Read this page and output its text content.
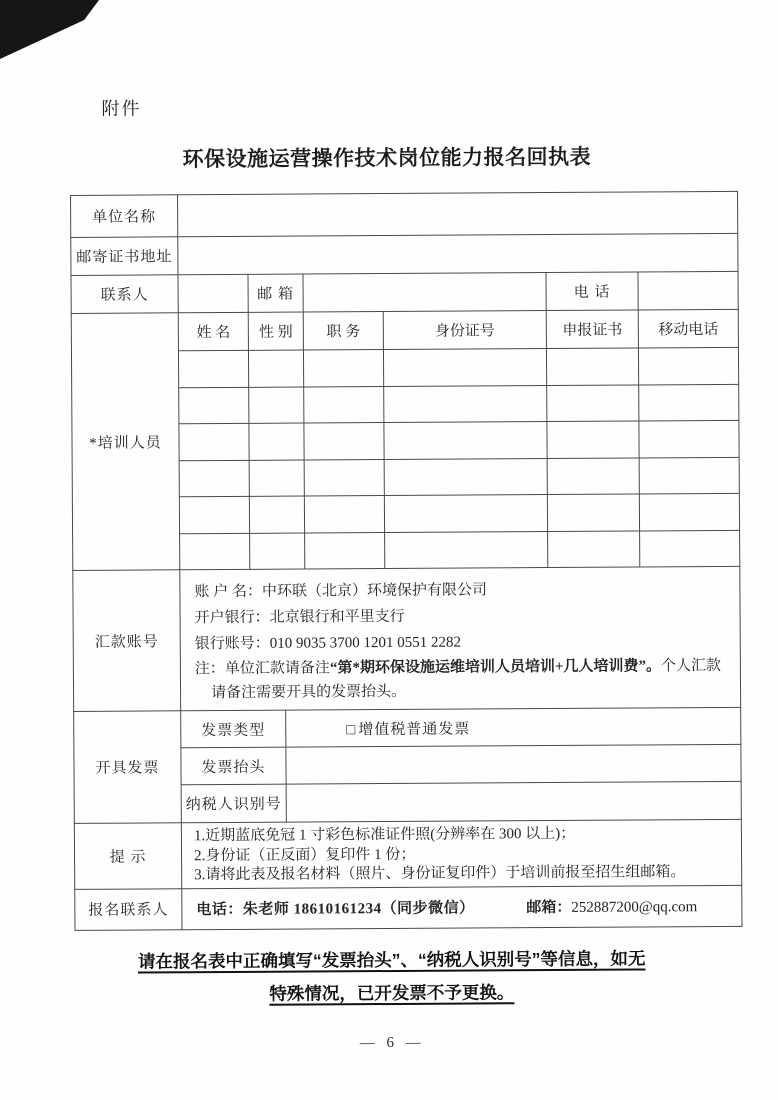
附件
环保设施运营操作技术岗位能力报名回执表
单位名称							
邮寄证书地址							
联系人		邮 箱				电 话	
*培训人员	姓 名	性 别		职 务	身份证号	申报证书	移动电话

汇款账号	账 户 名：中环联（北京）环境保护有限公司
开户银行：北京银行和平里支行
银行账号：010 9035 3700 1201 0551 2282
注：单位汇款请备注“第*期环保设施运维培训人员培训+几人培训费”。个人汇款请备注需要开具的发票抬头。						

开具发票	发票类型		□ 增值税普通发票				
	发票抬头						
	纳税人识别号						
提 示	1.近期蓝底免冠 1 寸彩色标准证件照(分辨率在 300 以上)；
2.身份证（正反面）复印件 1 份；
3.请将此表及报名材料（照片、身份证复印件）于培训前报至招生组邮箱。						

报名联系人	电话：朱老师 18610161234（同步微信） 邮箱：252887200@qq.com						
请在报名表中正确填写“发票抬头”、“纳税人识别号”等信息，如无
特殊情况，已开发票不予更换。
— 6 —
